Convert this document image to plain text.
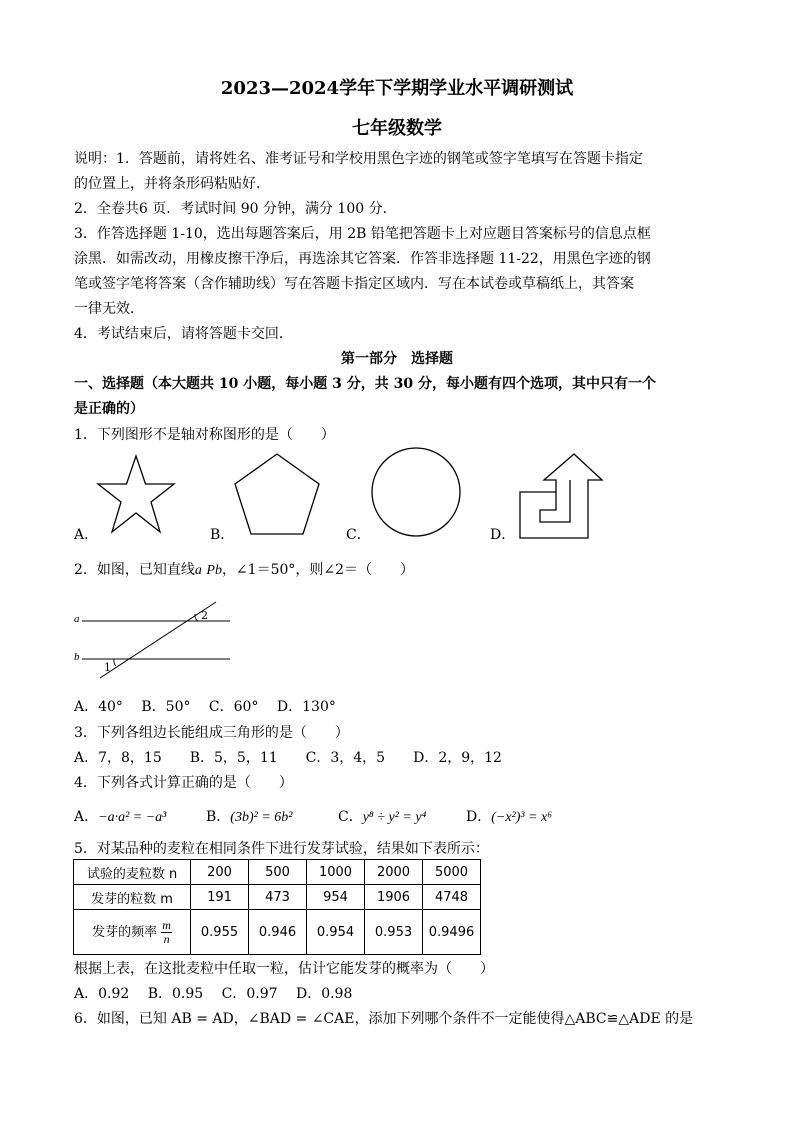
2023—2024学年下学期学业水平调研测试
七年级数学
说明：1．答题前，请将姓名、准考证号和学校用黑色字迹的钢笔或签字笔填写在答题卡指定
的位置上，并将条形码粘贴好．
2．全卷共6 页．考试时间 90 分钟，满分 100 分．
3．作答选择题 1-10，选出每题答案后，用 2B 铅笔把答题卡上对应题目答案标号的信息点框
涂黑．如需改动，用橡皮擦干净后，再选涂其它答案．作答非选择题 11-22，用黑色字迹的钢
笔或签字笔将答案（含作辅助线）写在答题卡指定区域内．写在本试卷或草稿纸上，其答案
一律无效．
4．考试结束后，请将答题卡交回．
第一部分　选择题
一、选择题（本大题共 10 小题，每小题 3 分，共 30 分，每小题有四个选项，其中只有一个
是正确的）
1．下列图形不是轴对称图形的是（　　）
A．	B．	C．	D．
2．如图，已知直线a Pb，∠1＝50°，则∠2＝（　　）
a
b
1
2
A．40°　 B．50°　 C．60°　 D．130°
3．下列各组边长能组成三角形的是（　　）
A．7，8，15　　B．5，5，11　　C．3，4，5　　D．2，9，12
4．下列各式计算正确的是（　　）
A．−a·a² = −a³	B．(3b)² = 6b²	C．y⁸ ÷ y² = y⁴	D．(−x²)³ = x⁶
5．对某品种的麦粒在相同条件下进行发芽试验，结果如下表所示：
试验的麦粒数 n	200	500	1000	2000	5000
发芽的粒数 m	191	473	954	1906	4748
发芽的频率 $\frac{m}{n}$	0.955	0.946	0.954	0.953	0.9496
根据上表，在这批麦粒中任取一粒，估计它能发芽的概率为（　　）
A．0.92　 B．0.95　 C．0.97　 D．0.98
6．如图，已知 AB = AD，∠BAD = ∠CAE，添加下列哪个条件不一定能使得△ABC≌△ADE 的是
